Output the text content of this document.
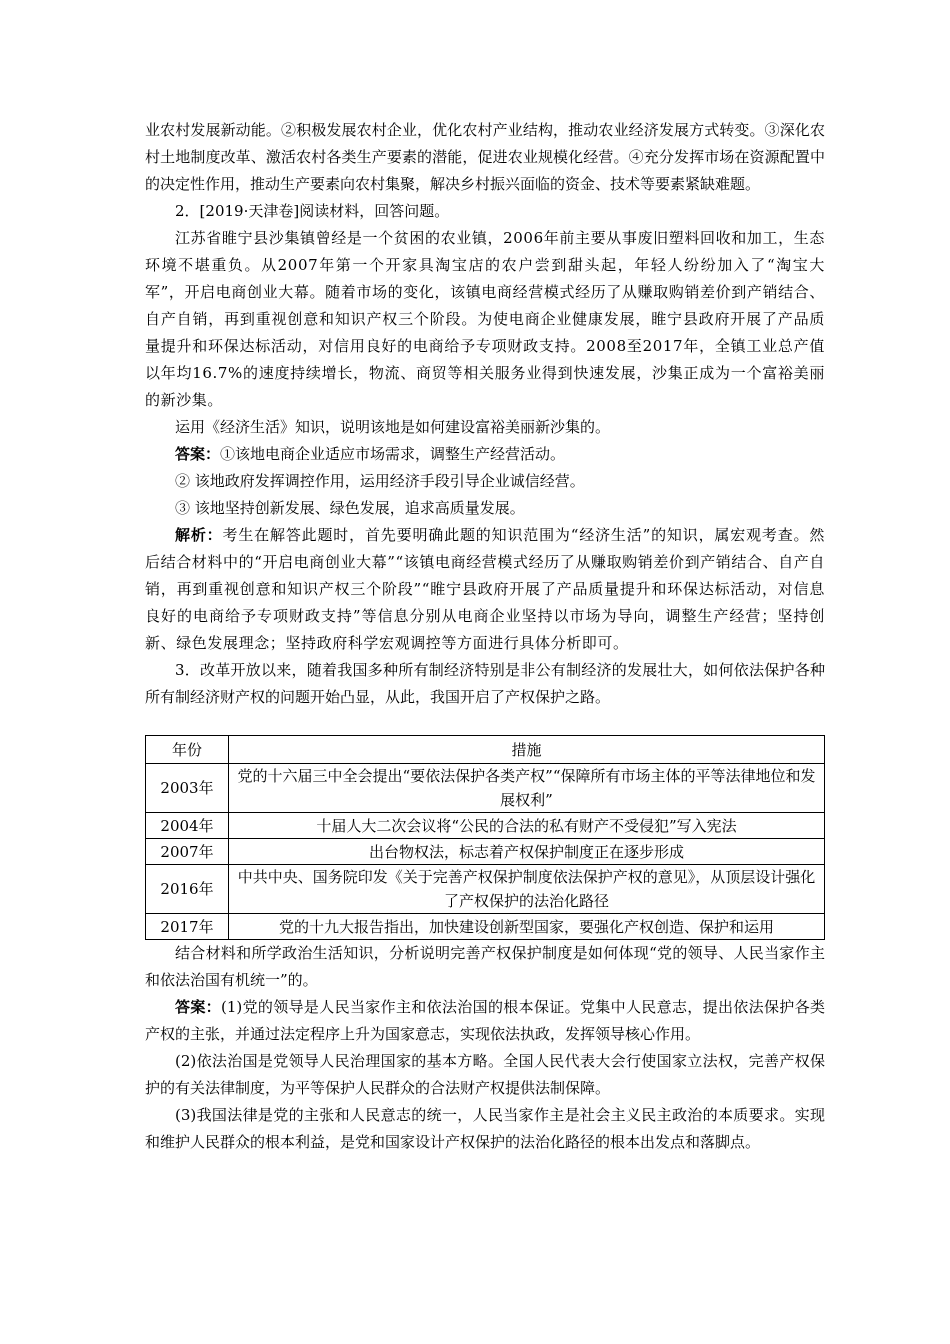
业农村发展新动能。②积极发展农村企业，优化农村产业结构，推动农业经济发展方式转变。③深化农村土地制度改革、激活农村各类生产要素的潜能，促进农业规模化经营。④充分发挥市场在资源配置中的决定性作用，推动生产要素向农村集聚，解决乡村振兴面临的资金、技术等要素紧缺难题。

2．[2019·天津卷]阅读材料，回答问题。

江苏省睢宁县沙集镇曾经是一个贫困的农业镇，2006年前主要从事废旧塑料回收和加工，生态环境不堪重负。从2007年第一个开家具淘宝店的农户尝到甜头起，年轻人纷纷加入了“淘宝大军”，开启电商创业大幕。随着市场的变化，该镇电商经营模式经历了从赚取购销差价到产销结合、自产自销，再到重视创意和知识产权三个阶段。为使电商企业健康发展，睢宁县政府开展了产品质量提升和环保达标活动，对信用良好的电商给予专项财政支持。2008至2017年，全镇工业总产值以年均16.7%的速度持续增长，物流、商贸等相关服务业得到快速发展，沙集正成为一个富裕美丽的新沙集。

运用《经济生活》知识，说明该地是如何建设富裕美丽新沙集的。

答案：①该地电商企业适应市场需求，调整生产经营活动。

② 该地政府发挥调控作用，运用经济手段引导企业诚信经营。

③ 该地坚持创新发展、绿色发展，追求高质量发展。

解析：考生在解答此题时，首先要明确此题的知识范围为“经济生活”的知识，属宏观考查。然后结合材料中的“开启电商创业大幕”“该镇电商经营模式经历了从赚取购销差价到产销结合、自产自销，再到重视创意和知识产权三个阶段”“睢宁县政府开展了产品质量提升和环保达标活动，对信息良好的电商给予专项财政支持”等信息分别从电商企业坚持以市场为导向，调整生产经营；坚持创新、绿色发展理念；坚持政府科学宏观调控等方面进行具体分析即可。

3．改革开放以来，随着我国多种所有制经济特别是非公有制经济的发展壮大，如何依法保护各种所有制经济财产权的问题开始凸显，从此，我国开启了产权保护之路。

年份	措施
2003年	党的十六届三中全会提出“要依法保护各类产权”“保障所有市场主体的平等法律地位和发展权利”
2004年	十届人大二次会议将“公民的合法的私有财产不受侵犯”写入宪法
2007年	出台物权法，标志着产权保护制度正在逐步形成
2016年	中共中央、国务院印发《关于完善产权保护制度依法保护产权的意见》，从顶层设计强化了产权保护的法治化路径
2017年	党的十九大报告指出，加快建设创新型国家，要强化产权创造、保护和运用

结合材料和所学政治生活知识，分析说明完善产权保护制度是如何体现“党的领导、人民当家作主和依法治国有机统一”的。

答案：(1)党的领导是人民当家作主和依法治国的根本保证。党集中人民意志，提出依法保护各类产权的主张，并通过法定程序上升为国家意志，实现依法执政，发挥领导核心作用。

(2)依法治国是党领导人民治理国家的基本方略。全国人民代表大会行使国家立法权，完善产权保护的有关法律制度，为平等保护人民群众的合法财产权提供法制保障。

(3)我国法律是党的主张和人民意志的统一，人民当家作主是社会主义民主政治的本质要求。实现和维护人民群众的根本利益，是党和国家设计产权保护的法治化路径的根本出发点和落脚点。
